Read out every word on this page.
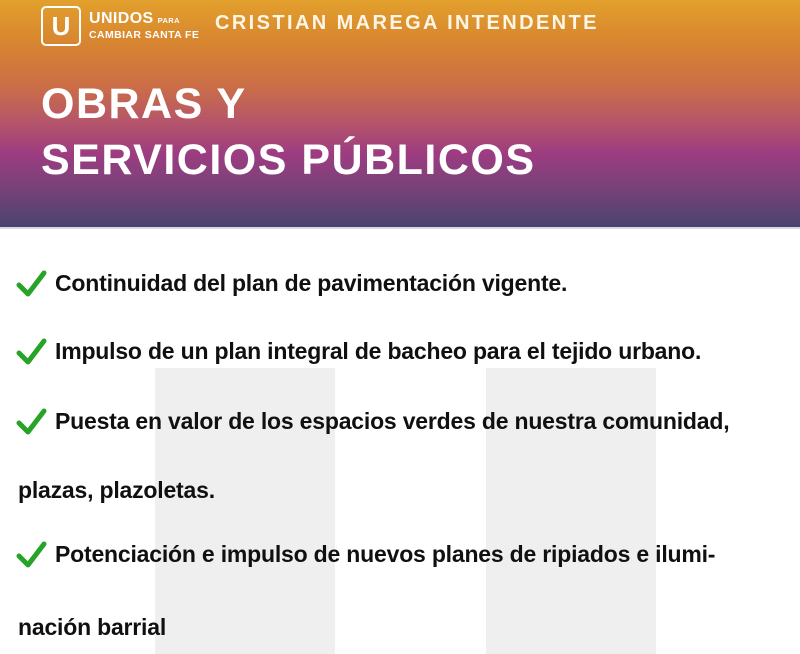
U UNIDOS PARA
CAMBIAR SANTA FE
CRISTIAN MAREGA INTENDENTE
OBRAS Y
SERVICIOS PÚBLICOS
Continuidad del plan de pavimentación vigente.
Impulso de un plan integral de bacheo para el tejido urbano.
Puesta en valor de los espacios verdes de nuestra comunidad,
plazas, plazoletas.
Potenciación e impulso de nuevos planes de ripiados e ilumi-
nación barrial
